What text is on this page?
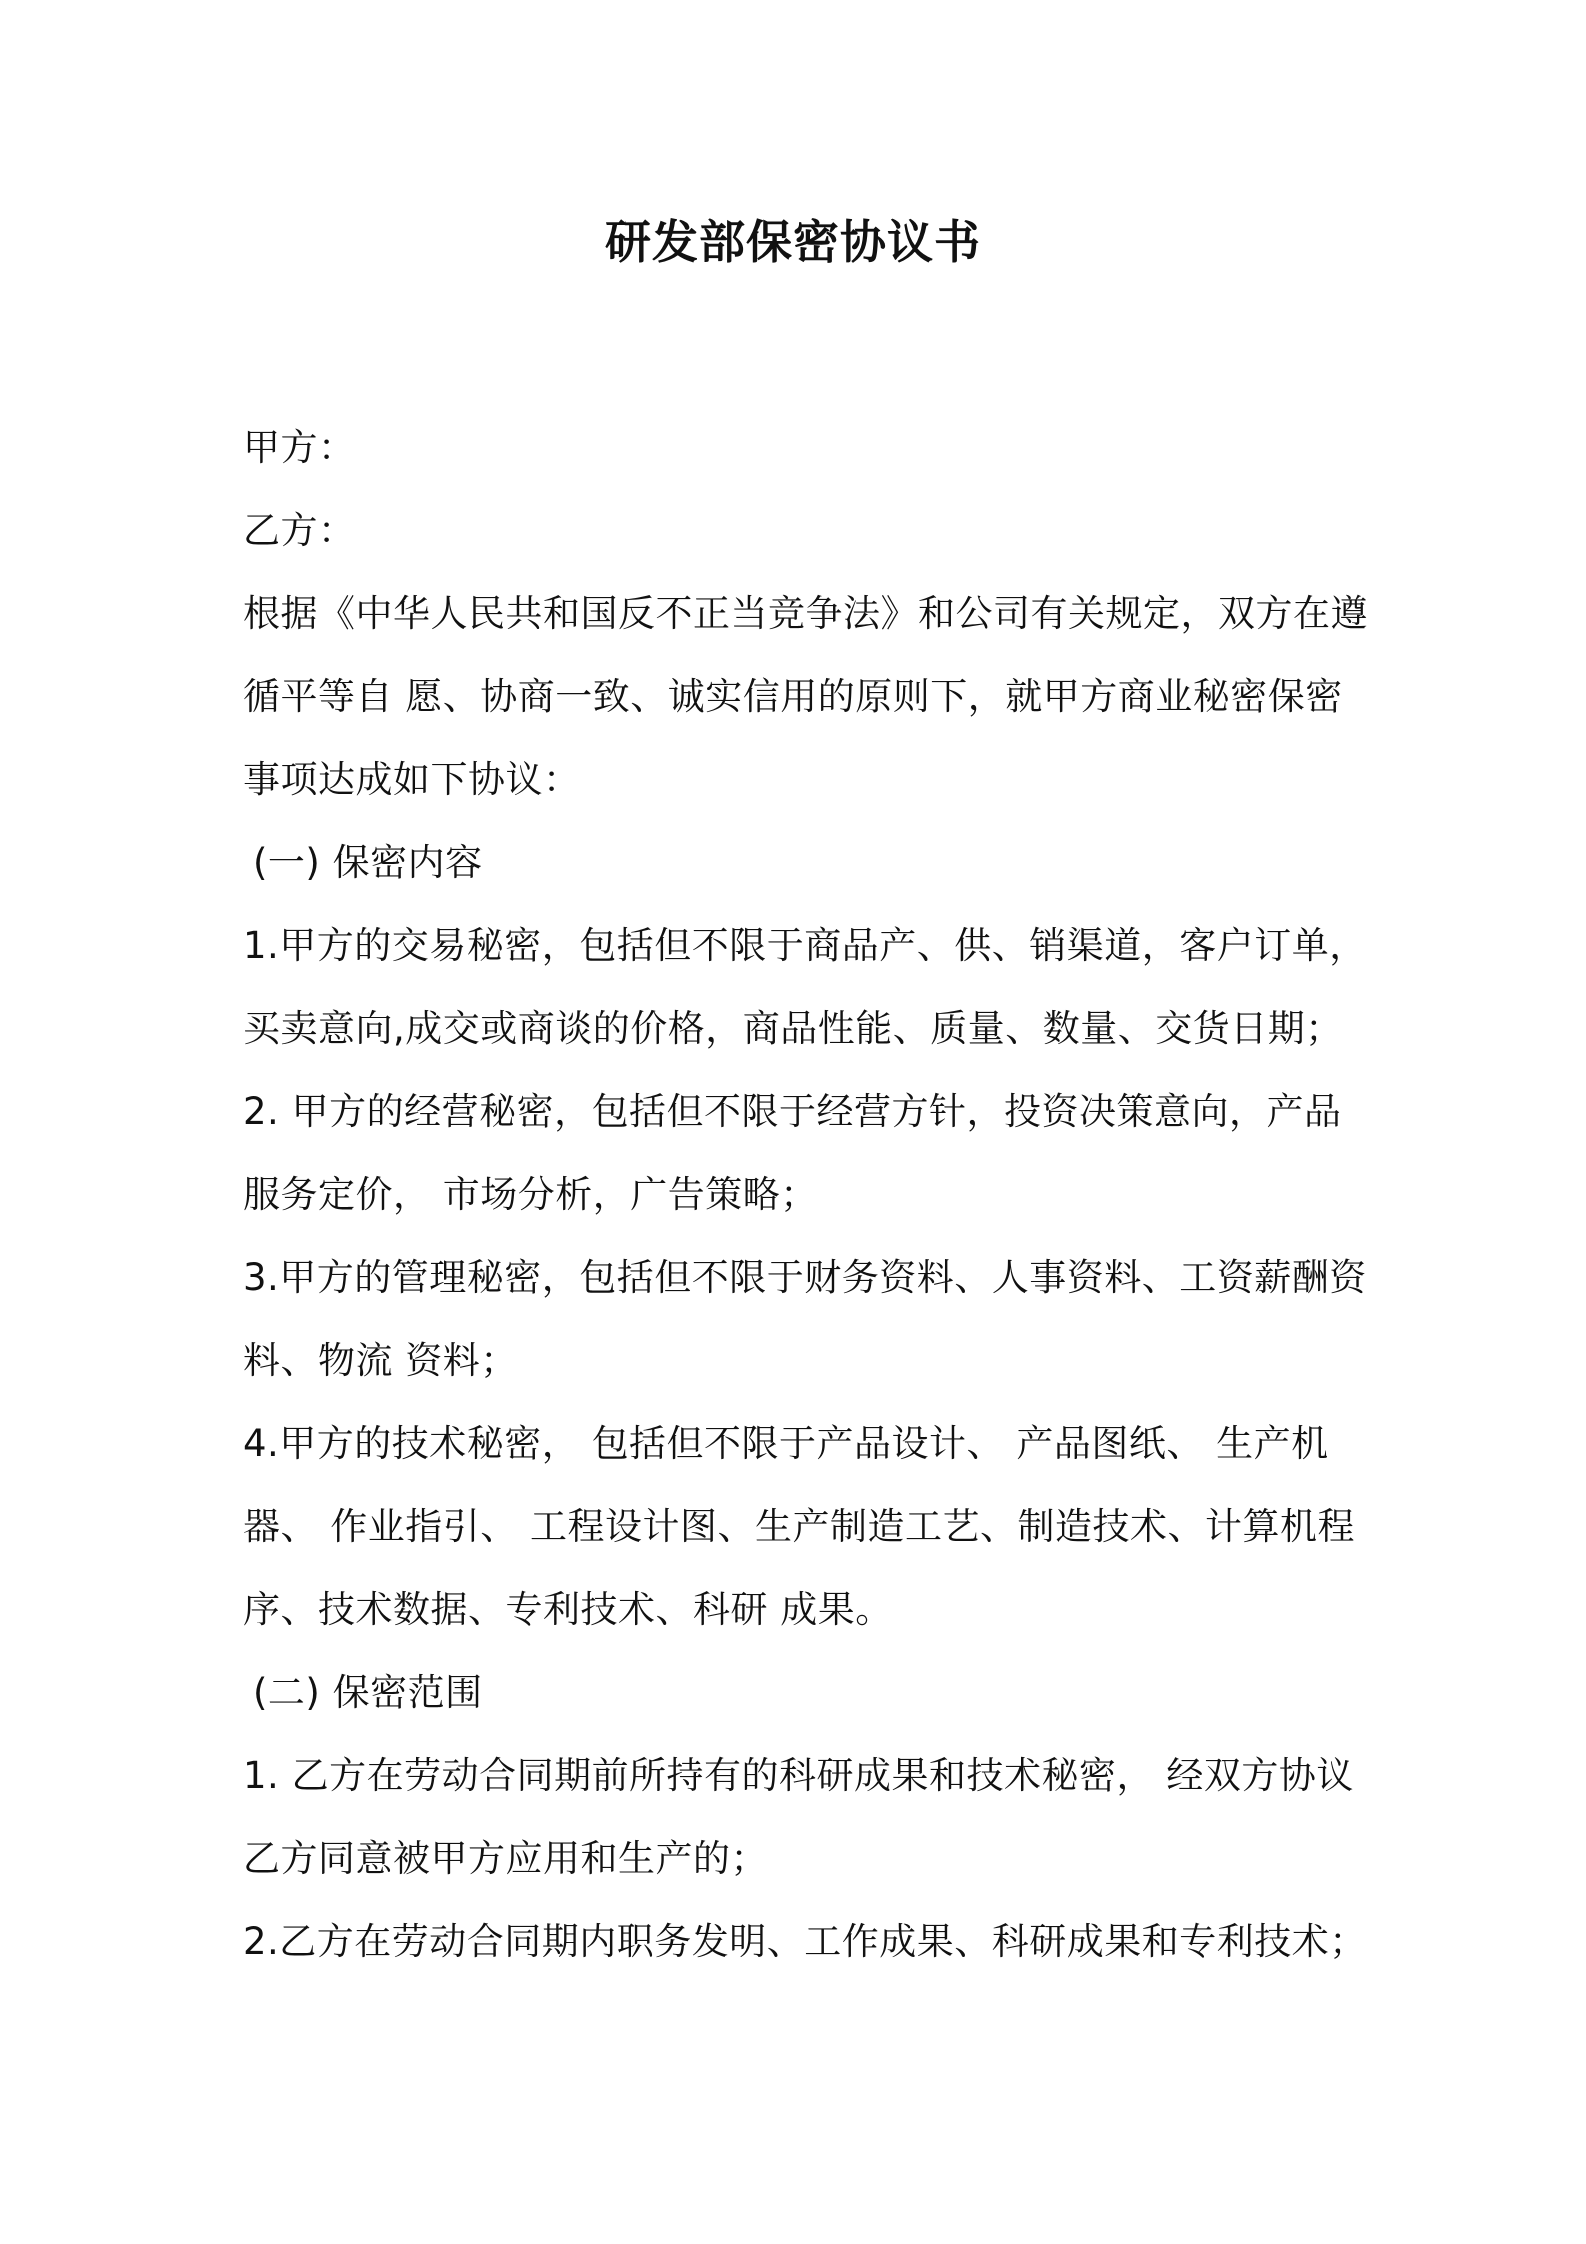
研发部保密协议书
甲方：
乙方：
根据《中华人民共和国反不正当竞争法》和公司有关规定，双方在遵
循平等自 愿、协商一致、诚实信用的原则下，就甲方商业秘密保密
事项达成如下协议：
(一) 保密内容
1.甲方的交易秘密，包括但不限于商品产、供、销渠道，客户订单，
买卖意向,成交或商谈的价格，商品性能、质量、数量、交货日期；
2. 甲方的经营秘密，包括但不限于经营方针，投资决策意向，产品
服务定价， 市场分析，广告策略；
3.甲方的管理秘密，包括但不限于财务资料、人事资料、工资薪酬资
料、物流 资料；
4.甲方的技术秘密， 包括但不限于产品设计、 产品图纸、 生产机
器、 作业指引、 工程设计图、生产制造工艺、制造技术、计算机程
序、技术数据、专利技术、科研 成果。
(二) 保密范围
1. 乙方在劳动合同期前所持有的科研成果和技术秘密， 经双方协议
乙方同意被甲方应用和生产的；
2.乙方在劳动合同期内职务发明、工作成果、科研成果和专利技术；
